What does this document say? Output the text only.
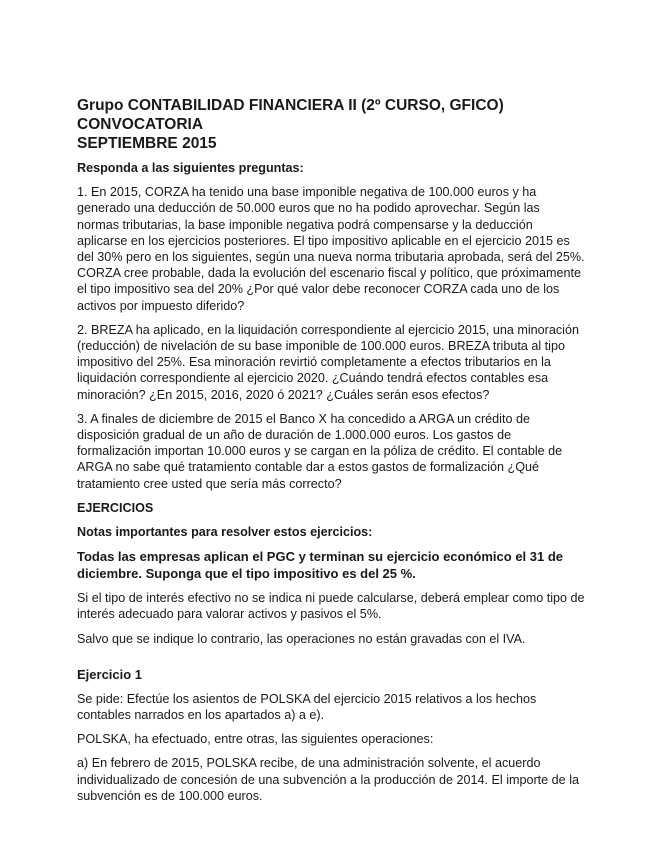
Grupo CONTABILIDAD FINANCIERA II (2º CURSO, GFICO) CONVOCATORIA
SEPTIEMBRE 2015

Responda a las siguientes preguntas:

1. En 2015, CORZA ha tenido una base imponible negativa de 100.000 euros y ha generado una deducción de 50.000 euros que no ha podido aprovechar. Según las normas tributarias, la base imponible negativa podrá compensarse y la deducción aplicarse en los ejercicios posteriores. El tipo impositivo aplicable en el ejercicio 2015 es del 30% pero en los siguientes, según una nueva norma tributaria aprobada, será del 25%. CORZA cree probable, dada la evolución del escenario fiscal y político, que próximamente el tipo impositivo sea del 20% ¿Por qué valor debe reconocer CORZA cada uno de los activos por impuesto diferido?

2. BREZA ha aplicado, en la liquidación correspondiente al ejercicio 2015, una minoración (reducción) de nivelación de su base imponible de 100.000 euros. BREZA tributa al tipo impositivo del 25%. Esa minoración revirtió completamente a efectos tributarios en la liquidación correspondiente al ejercicio 2020. ¿Cuándo tendrá efectos contables esa minoración? ¿En 2015, 2016, 2020 ó 2021? ¿Cuáles serán esos efectos?

3. A finales de diciembre de 2015 el Banco X ha concedido a ARGA un crédito de disposición gradual de un año de duración de 1.000.000 euros. Los gastos de formalización importan 10.000 euros y se cargan en la póliza de crédito. El contable de ARGA no sabe qué tratamiento contable dar a estos gastos de formalización ¿Qué tratamiento cree usted que sería más correcto?

EJERCICIOS

Notas importantes para resolver estos ejercicios:

Todas las empresas aplican el PGC y terminan su ejercicio económico el 31 de diciembre. Suponga que el tipo impositivo es del 25 %.

Si el tipo de interés efectivo no se indica ni puede calcularse, deberá emplear como tipo de interés adecuado para valorar activos y pasivos el 5%.

Salvo que se indique lo contrario, las operaciones no están gravadas con el IVA.

Ejercicio 1

Se pide: Efectúe los asientos de POLSKA del ejercicio 2015 relativos a los hechos contables narrados en los apartados a) a e).

POLSKA, ha efectuado, entre otras, las siguientes operaciones:

a) En febrero de 2015, POLSKA recibe, de una administración solvente, el acuerdo individualizado de concesión de una subvención a la producción de 2014. El importe de la subvención es de 100.000 euros.
